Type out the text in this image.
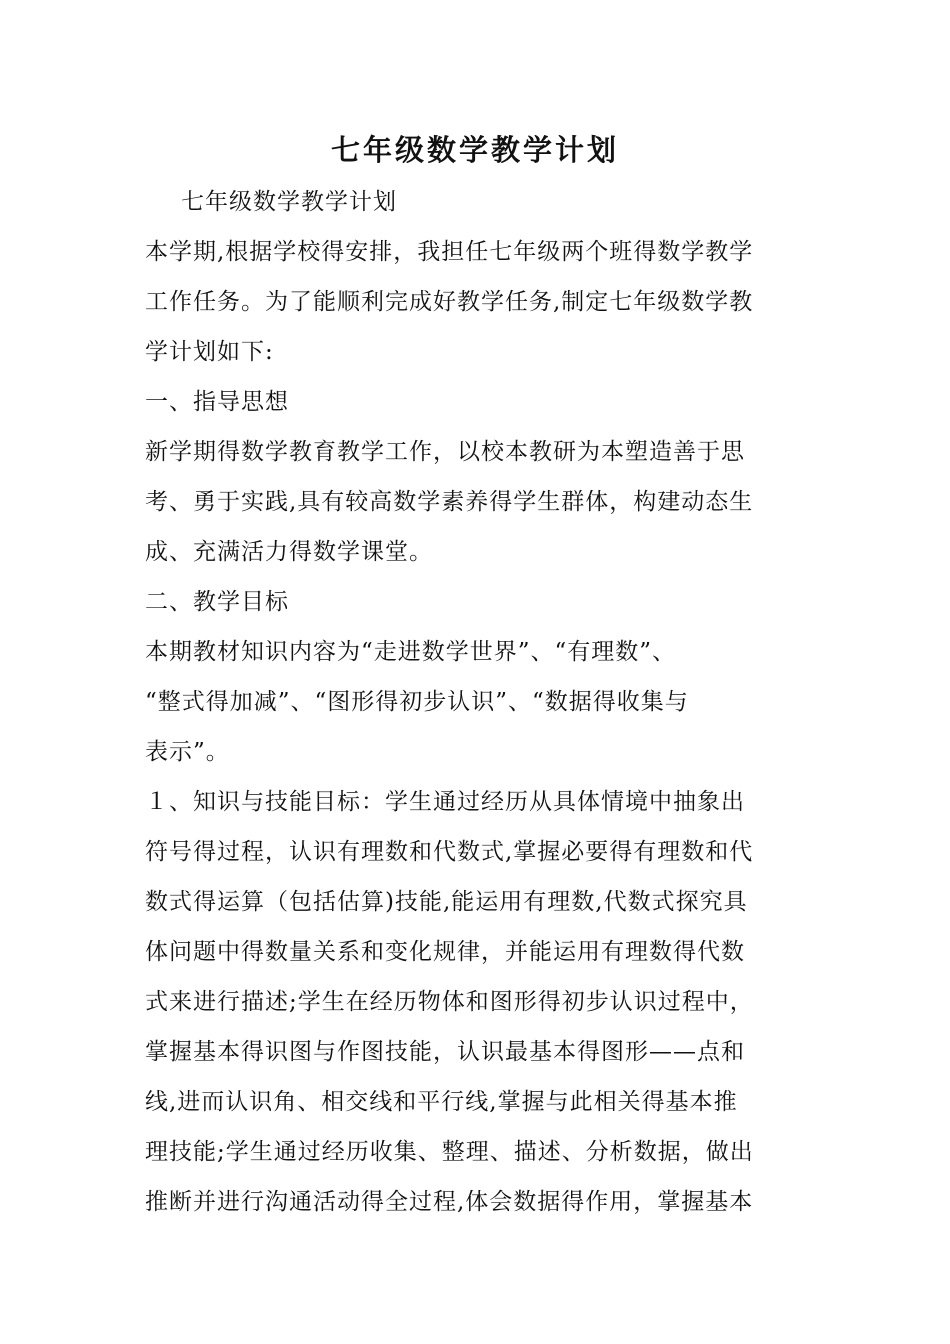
七年级数学教学计划
七年级数学教学计划
本学期,根据学校得安排，我担任七年级两个班得数学教学
工作任务。为了能顺利完成好教学任务,制定七年级数学教
学计划如下:
一、指导思想
新学期得数学教育教学工作，以校本教研为本塑造善于思
考、勇于实践,具有较高数学素养得学生群体，构建动态生
成、充满活力得数学课堂。
二、教学目标
本期教材知识内容为“走进数学世界”、“有理数”、
“整式得加减”、“图形得初步认识”、“数据得收集与
表示”。
１、知识与技能目标：学生通过经历从具体情境中抽象出
符号得过程，认识有理数和代数式,掌握必要得有理数和代
数式得运算（包括估算)技能,能运用有理数,代数式探究具
体问题中得数量关系和变化规律，并能运用有理数得代数
式来进行描述;学生在经历物体和图形得初步认识过程中，
掌握基本得识图与作图技能，认识最基本得图形——点和
线,进而认识角、相交线和平行线,掌握与此相关得基本推
理技能;学生通过经历收集、整理、描述、分析数据，做出
推断并进行沟通活动得全过程,体会数据得作用，掌握基本
